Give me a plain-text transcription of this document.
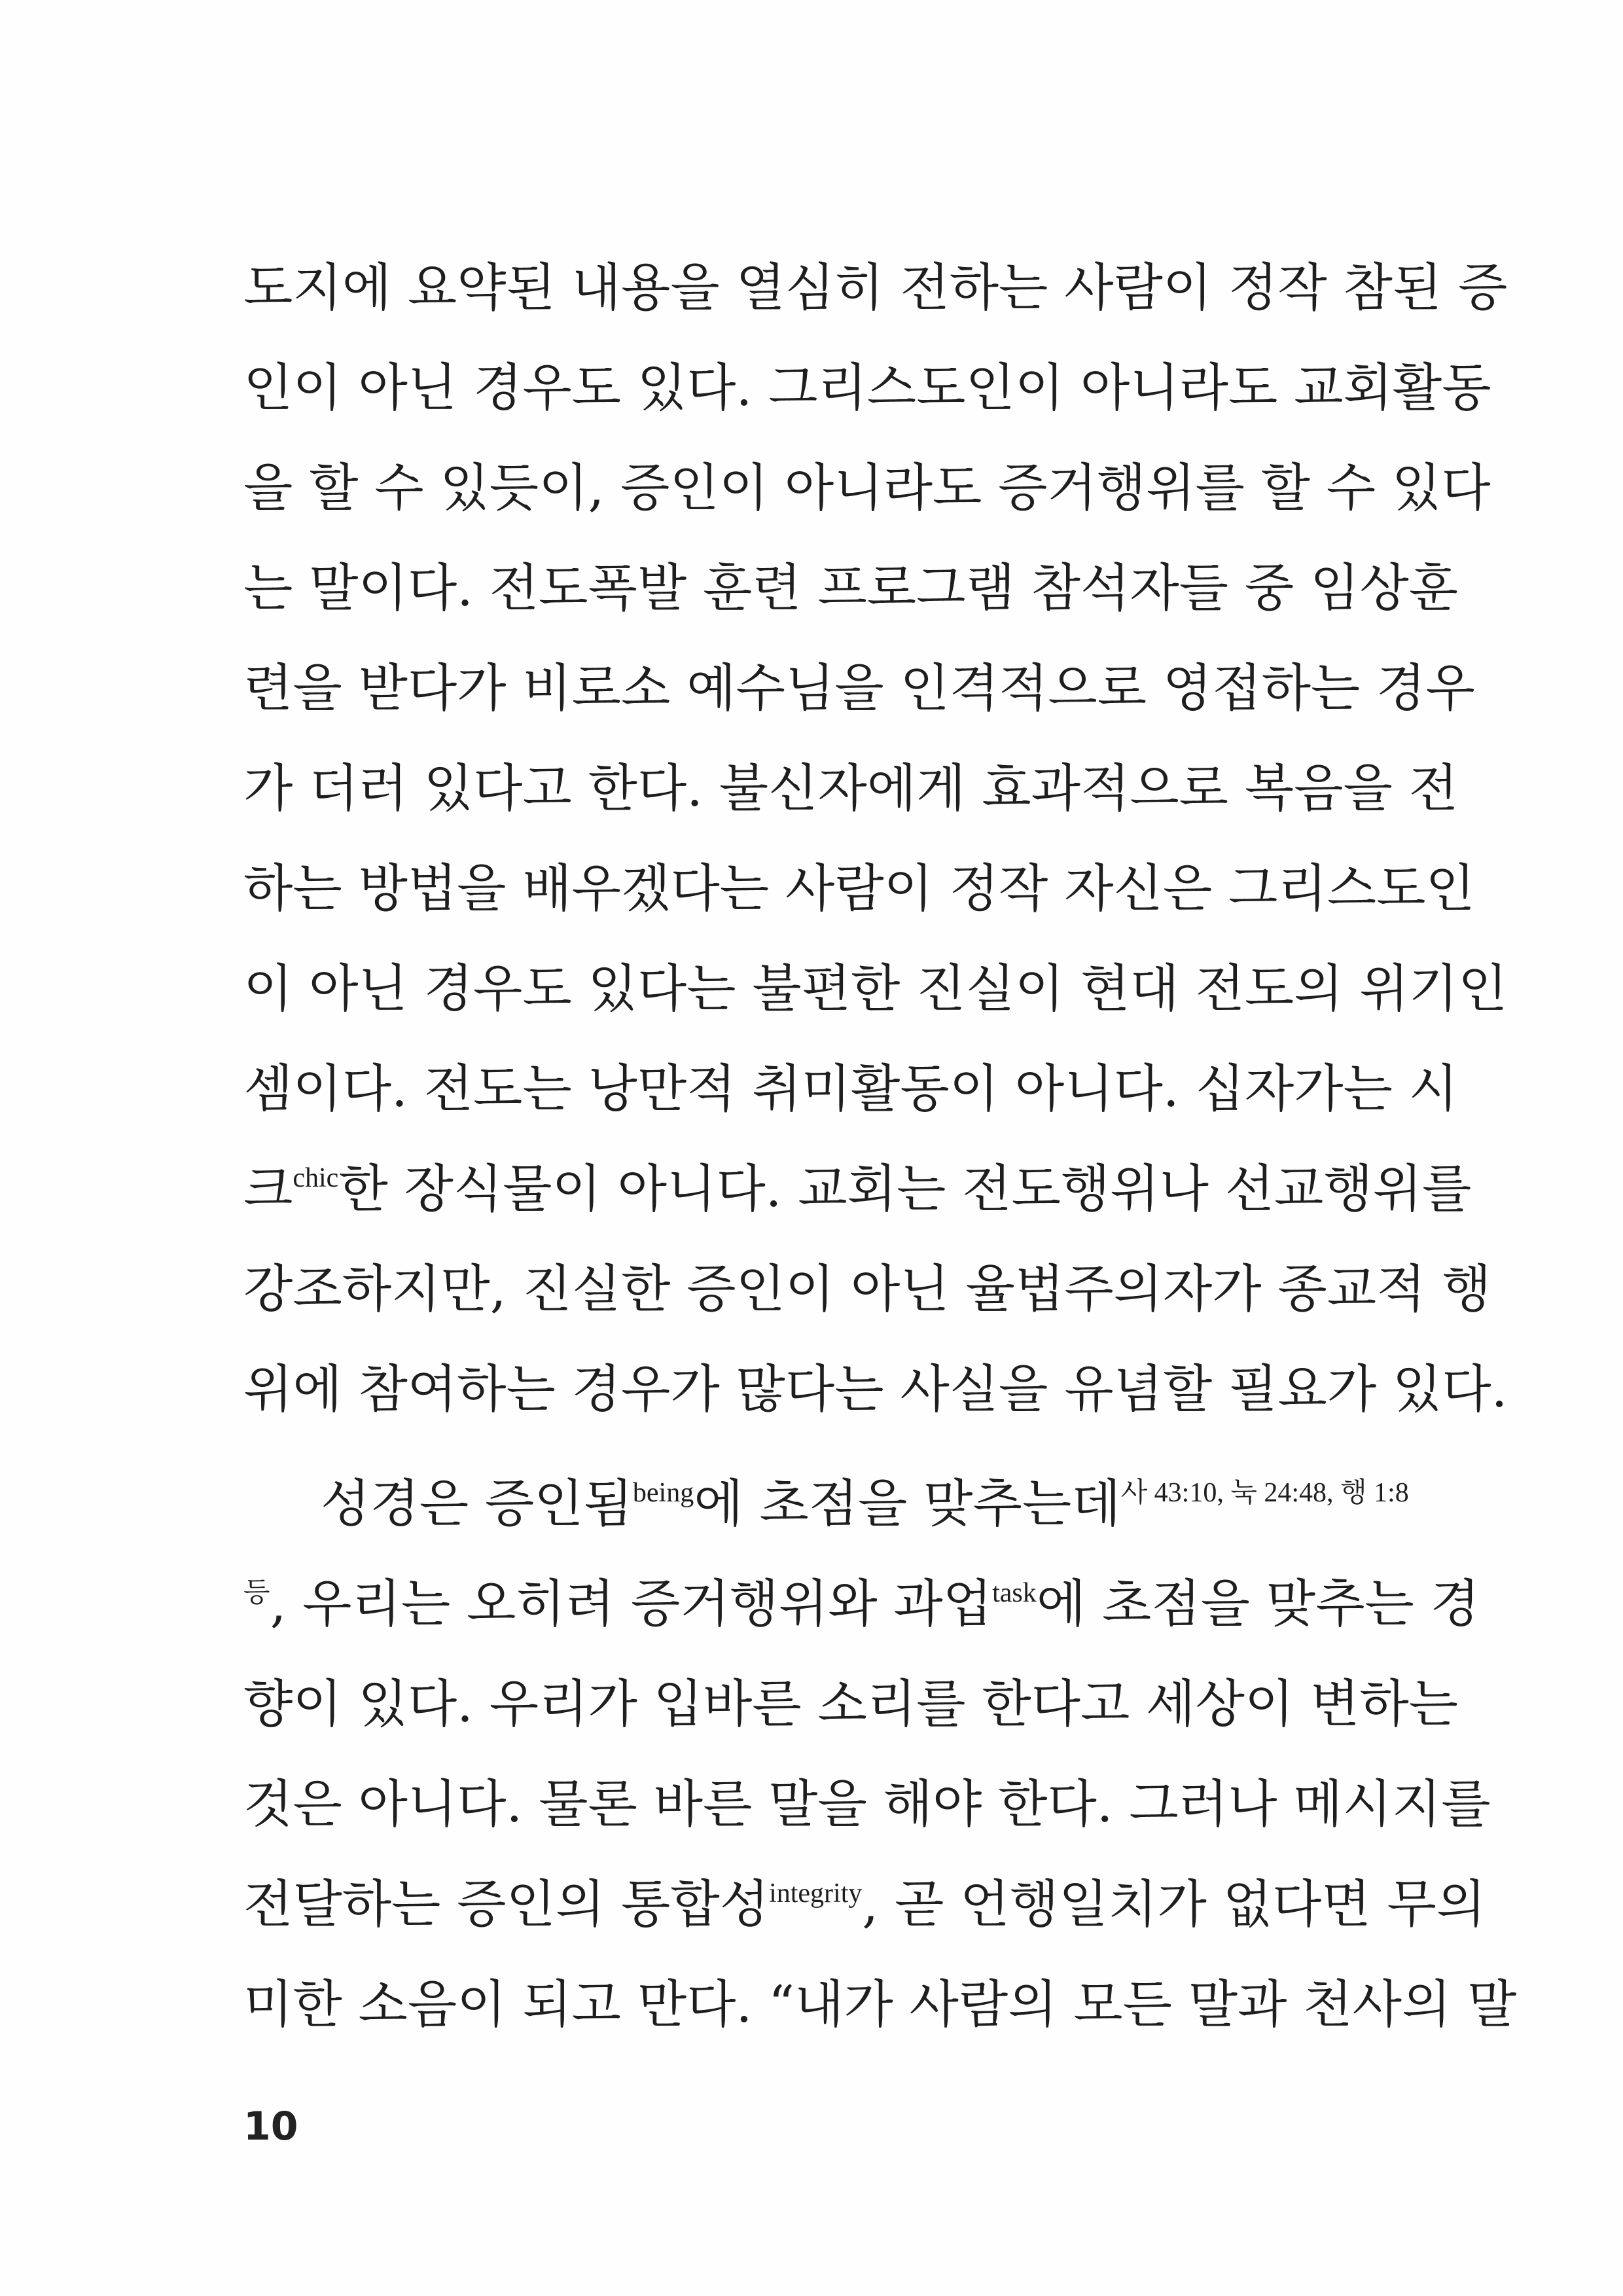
도지에 요약된 내용을 열심히 전하는 사람이 정작 참된 증
인이 아닌 경우도 있다. 그리스도인이 아니라도 교회활동
을 할 수 있듯이, 증인이 아니라도 증거행위를 할 수 있다
는 말이다. 전도폭발 훈련 프로그램 참석자들 중 임상훈
련을 받다가 비로소 예수님을 인격적으로 영접하는 경우
가 더러 있다고 한다. 불신자에게 효과적으로 복음을 전
하는 방법을 배우겠다는 사람이 정작 자신은 그리스도인
이 아닌 경우도 있다는 불편한 진실이 현대 전도의 위기인
셈이다. 전도는 낭만적 취미활동이 아니다. 십자가는 시
크$^{chic}$한 장식물이 아니다. 교회는 전도행위나 선교행위를
강조하지만, 진실한 증인이 아닌 율법주의자가 종교적 행
위에 참여하는 경우가 많다는 사실을 유념할 필요가 있다.
성경은 증인됨$^{being}$에 초점을 맞추는데$^{사 43:10, 눅 24:48, 행 1:8}$
$^등$, 우리는 오히려 증거행위와 과업$^{task}$에 초점을 맞추는 경
향이 있다. 우리가 입바른 소리를 한다고 세상이 변하는
것은 아니다. 물론 바른 말을 해야 한다. 그러나 메시지를
전달하는 증인의 통합성$^{integrity}$, 곧 언행일치가 없다면 무의
미한 소음이 되고 만다. “내가 사람의 모든 말과 천사의 말
10
